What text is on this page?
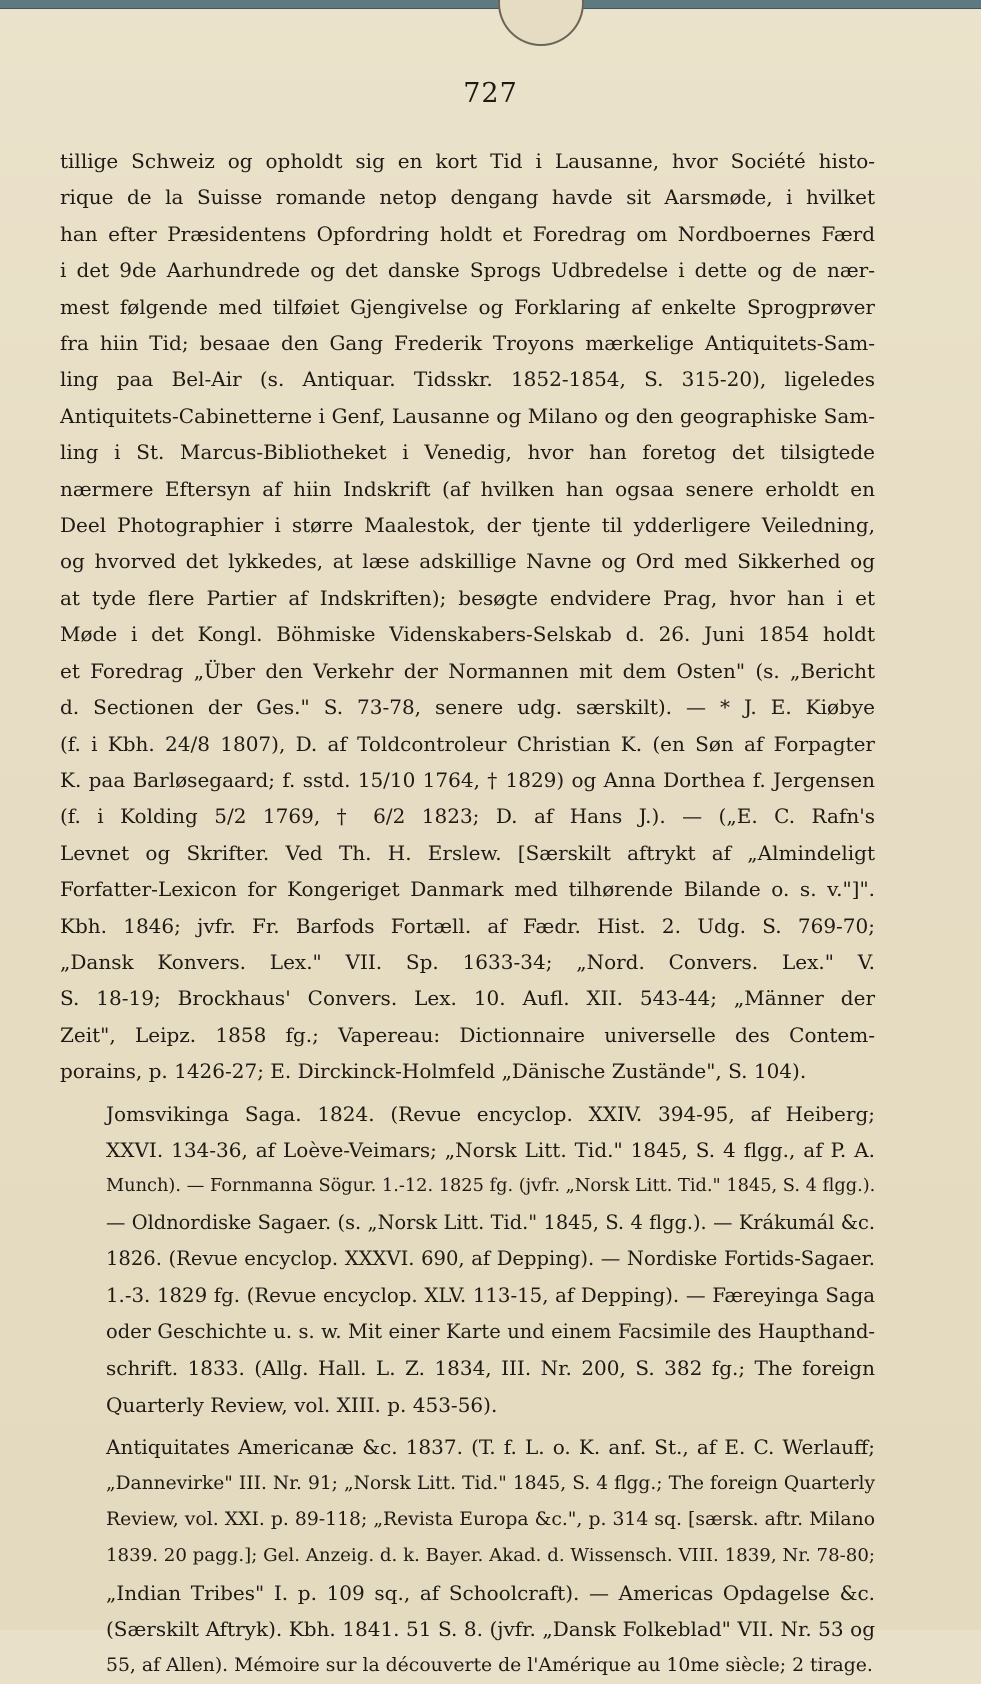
727

tillige Schweiz og opholdt sig en kort Tid i Lausanne, hvor Société histo-
rique de la Suisse romande netop dengang havde sit Aarsmøde, i hvilket
han efter Præsidentens Opfordring holdt et Foredrag om Nordboernes Færd
i det 9de Aarhundrede og det danske Sprogs Udbredelse i dette og de nær-
mest følgende med tilføiet Gjengivelse og Forklaring af enkelte Sprogprøver
fra hiin Tid; besaae den Gang Frederik Troyons mærkelige Antiquitets-Sam-
ling paa Bel-Air (s. Antiquar. Tidsskr. 1852-1854, S. 315-20), ligeledes
Antiquitets-Cabinetterne i Genf, Lausanne og Milano og den geographiske Sam-
ling i St. Marcus-Bibliotheket i Venedig, hvor han foretog det tilsigtede
nærmere Eftersyn af hiin Indskrift (af hvilken han ogsaa senere erholdt en
Deel Photographier i større Maalestok, der tjente til ydderligere Veiledning,
og hvorved det lykkedes, at læse adskillige Navne og Ord med Sikkerhed og
at tyde flere Partier af Indskriften); besøgte endvidere Prag, hvor han i et
Møde i det Kongl. Böhmiske Videnskabers-Selskab d. 26. Juni 1854 holdt
et Foredrag „Über den Verkehr der Normannen mit dem Osten" (s. „Bericht
d. Sectionen der Ges." S. 73-78, senere udg. særskilt). — * J. E. Kiøbye
(f. i Kbh. 24/8 1807), D. af Toldcontroleur Christian K. (en Søn af Forpagter
K. paa Barløsegaard; f. sstd. 15/10 1764, † 1829) og Anna Dorthea f. Jergensen
(f. i Kolding 5/2 1769, † 6/2 1823; D. af Hans J.). — („E. C. Rafn's
Levnet og Skrifter. Ved Th. H. Erslew. [Særskilt aftrykt af „Almindeligt
Forfatter-Lexicon for Kongeriget Danmark med tilhørende Bilande o. s. v."]".
Kbh. 1846; jvfr. Fr. Barfods Fortæll. af Fædr. Hist. 2. Udg. S. 769-70;
„Dansk Konvers. Lex." VII. Sp. 1633-34; „Nord. Convers. Lex." V.
S. 18-19; Brockhaus' Convers. Lex. 10. Aufl. XII. 543-44; „Männer der
Zeit", Leipz. 1858 fg.; Vapereau: Dictionnaire universelle des Contem-
porains, p. 1426-27; E. Dirckinck-Holmfeld „Dänische Zustände", S. 104).

Jomsvikinga Saga. 1824. (Revue encyclop. XXIV. 394-95, af Heiberg;
XXVI. 134-36, af Loève-Veimars; „Norsk Litt. Tid." 1845, S. 4 flgg., af P. A.
Munch). — Fornmanna Sögur. 1.-12. 1825 fg. (jvfr. „Norsk Litt. Tid." 1845, S. 4 flgg.).
— Oldnordiske Sagaer. (s. „Norsk Litt. Tid." 1845, S. 4 flgg.). — Krákumál &c.
1826. (Revue encyclop. XXXVI. 690, af Depping). — Nordiske Fortids-Sagaer.
1.-3. 1829 fg. (Revue encyclop. XLV. 113-15, af Depping). — Færeyinga Saga
oder Geschichte u. s. w. Mit einer Karte und einem Facsimile des Haupthand-
schrift. 1833. (Allg. Hall. L. Z. 1834, III. Nr. 200, S. 382 fg.; The foreign
Quarterly Review, vol. XIII. p. 453-56).

Antiquitates Americanæ &c. 1837. (T. f. L. o. K. anf. St., af E. C. Werlauff;
„Dannevirke" III. Nr. 91; „Norsk Litt. Tid." 1845, S. 4 flgg.; The foreign Quarterly
Review, vol. XXI. p. 89-118; „Revista Europa &c.", p. 314 sq. [særsk. aftr. Milano
1839. 20 pagg.]; Gel. Anzeig. d. k. Bayer. Akad. d. Wissensch. VIII. 1839, Nr. 78-80;
„Indian Tribes" I. p. 109 sq., af Schoolcraft). — Americas Opdagelse &c.
(Særskilt Aftryk). Kbh. 1841. 51 S. 8. (jvfr. „Dansk Folkeblad" VII. Nr. 53 og
55, af Allen). Mémoire sur la découverte de l'Amérique au 10me siècle; 2 tirage.
